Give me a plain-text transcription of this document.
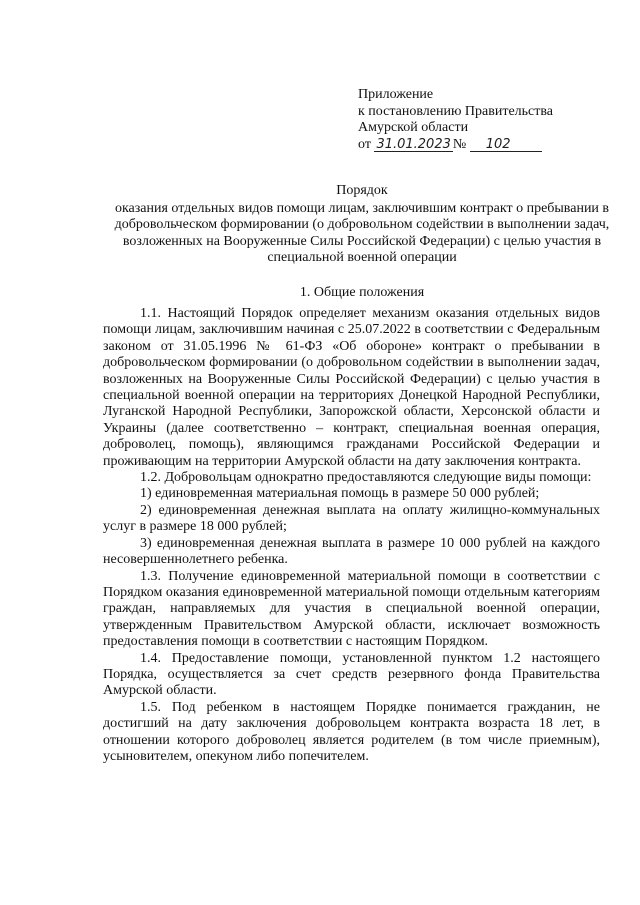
Приложение
к постановлению Правительства
Амурской области
от 31.01.2023 № 102
Порядок
оказания отдельных видов помощи лицам, заключившим контракт о пребывании в добровольческом формировании (о добровольном содействии в выполнении задач, возложенных на Вооруженные Силы Российской Федерации) с целью участия в специальной военной операции
1. Общие положения

1.1. Настоящий Порядок определяет механизм оказания отдельных видов помощи лицам, заключившим начиная с 25.07.2022 в соответствии с Федеральным законом от 31.05.1996 № 61-ФЗ «Об обороне» контракт о пребывании в добровольческом формировании (о добровольном содействии в выполнении задач, возложенных на Вооруженные Силы Российской Федерации) с целью участия в специальной военной операции на территориях Донецкой Народной Республики, Луганской Народной Республики, Запорожской области, Херсонской области и Украины (далее соответственно – контракт, специальная военная операция, доброволец, помощь), являющимся гражданами Российской Федерации и проживающим на территории Амурской области на дату заключения контракта.

1.2. Добровольцам однократно предоставляются следующие виды помощи:

1) единовременная материальная помощь в размере 50 000 рублей;

2) единовременная денежная выплата на оплату жилищно-коммунальных услуг в размере 18 000 рублей;

3) единовременная денежная выплата в размере 10 000 рублей на каждого несовершеннолетнего ребенка.

1.3. Получение единовременной материальной помощи в соответствии с Порядком оказания единовременной материальной помощи отдельным категориям граждан, направляемых для участия в специальной военной операции, утвержденным Правительством Амурской области, исключает возможность предоставления помощи в соответствии с настоящим Порядком.

1.4. Предоставление помощи, установленной пунктом 1.2 настоящего Порядка, осуществляется за счет средств резервного фонда Правительства Амурской области.

1.5. Под ребенком в настоящем Порядке понимается гражданин, не достигший на дату заключения добровольцем контракта возраста 18 лет, в отношении которого доброволец является родителем (в том числе приемным), усыновителем, опекуном либо попечителем.
